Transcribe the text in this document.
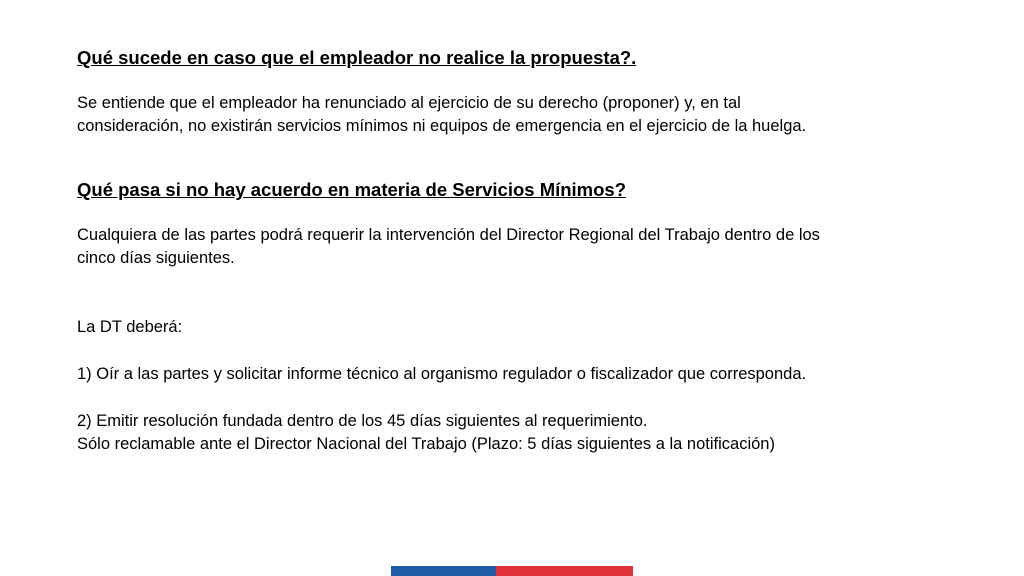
Qué sucede en caso que el empleador no realice la propuesta?.

Se entiende que el empleador ha renunciado al ejercicio de su derecho (proponer) y, en tal

consideración, no existirán servicios mínimos ni equipos de emergencia en el ejercicio de la huelga.

Qué pasa si no hay acuerdo en materia de Servicios Mínimos?

Cualquiera de las partes podrá requerir la intervención del Director Regional del Trabajo dentro de los

cinco días siguientes.

La DT deberá:

1) Oír a las partes y solicitar informe técnico al organismo regulador o fiscalizador que corresponda.

2) Emitir resolución fundada dentro de los 45 días siguientes al requerimiento.

Sólo reclamable ante el Director Nacional del Trabajo (Plazo: 5 días siguientes a la notificación)
